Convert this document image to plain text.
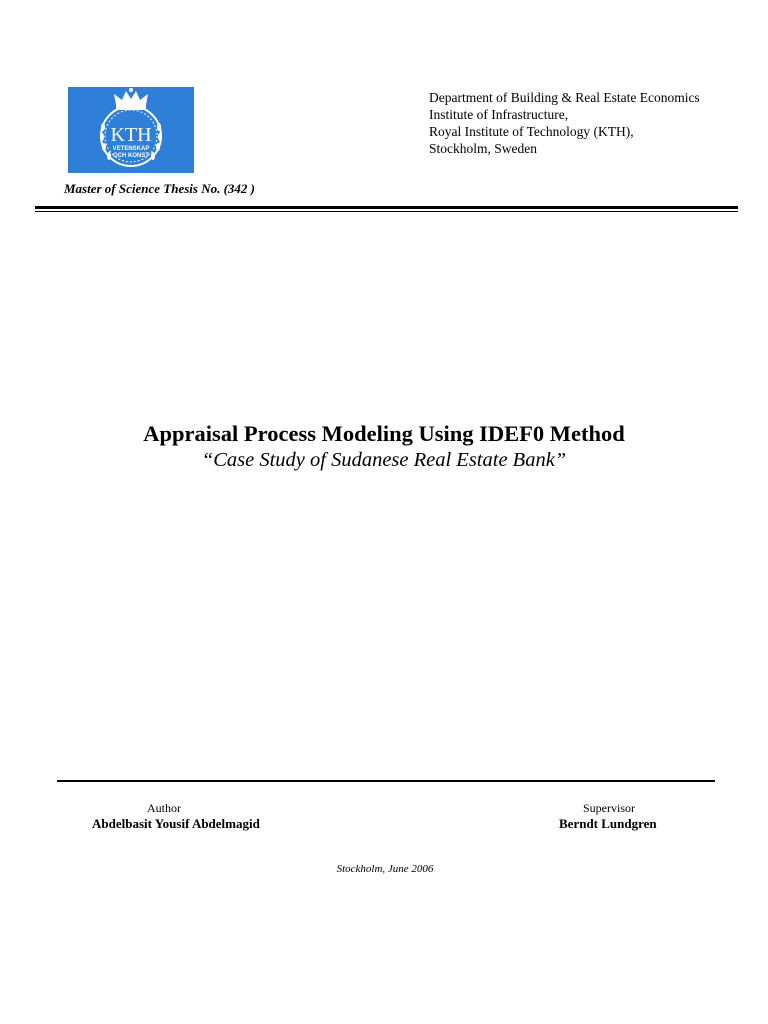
KTH
VETENSKAP
OCH KONST
Department of Building & Real Estate Economics
Institute of Infrastructure,
Royal Institute of Technology (KTH),
Stockholm, Sweden
Master of Science Thesis No. (342 )
Appraisal Process Modeling Using IDEF0 Method
“Case Study of Sudanese Real Estate Bank”
Author
Abdelbasit Yousif Abdelmagid
Supervisor
Berndt Lundgren
Stockholm, June 2006
